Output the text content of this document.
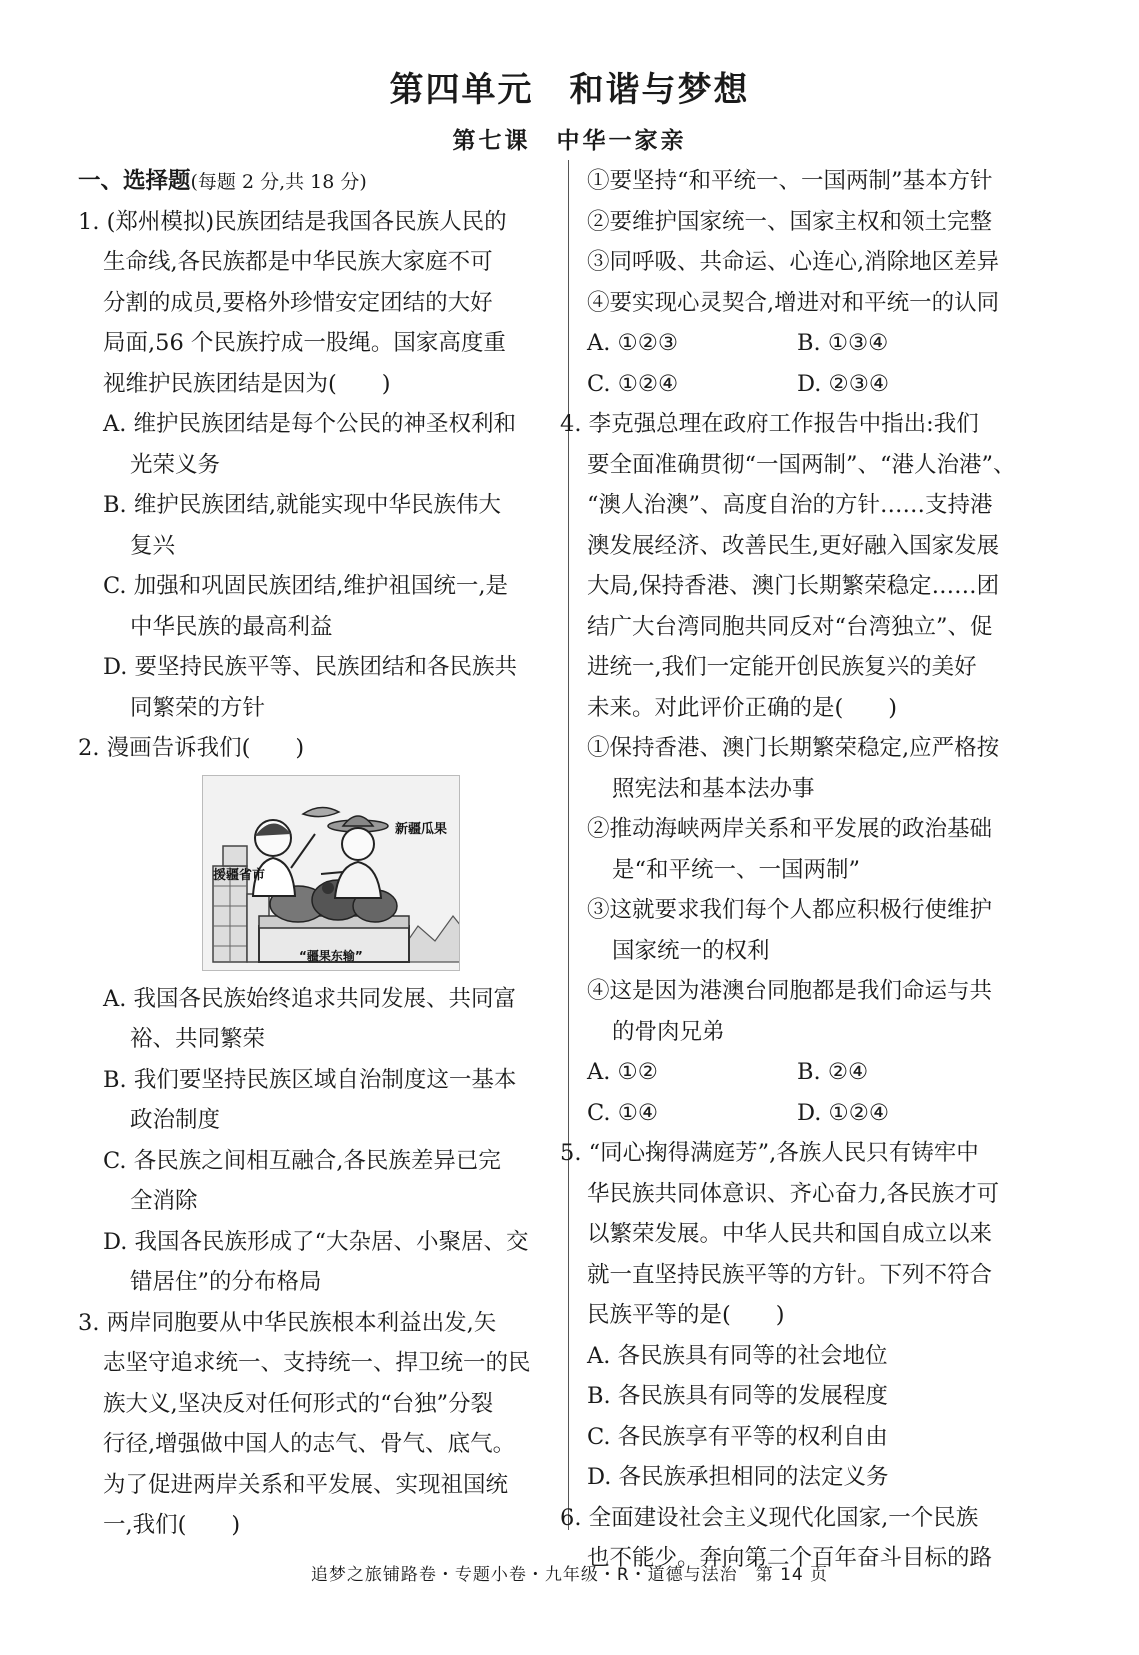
第四单元　和谐与梦想
第七课　中华一家亲
一、选择题(每题 2 分,共 18 分)
1. (郑州模拟)民族团结是我国各民族人民的
生命线,各民族都是中华民族大家庭不可
分割的成员,要格外珍惜安定团结的大好
局面,56 个民族拧成一股绳。国家高度重
视维护民族团结是因为(　　)
A. 维护民族团结是每个公民的神圣权利和
光荣义务
B. 维护民族团结,就能实现中华民族伟大
复兴
C. 加强和巩固民族团结,维护祖国统一,是
中华民族的最高利益
D. 要坚持民族平等、民族团结和各民族共
同繁荣的方针
2. 漫画告诉我们(　　)
援疆省市
新疆瓜果
“疆果东输”
A. 我国各民族始终追求共同发展、共同富
裕、共同繁荣
B. 我们要坚持民族区域自治制度这一基本
政治制度
C. 各民族之间相互融合,各民族差异已完
全消除
D. 我国各民族形成了“大杂居、小聚居、交
错居住”的分布格局
3. 两岸同胞要从中华民族根本利益出发,矢
志坚守追求统一、支持统一、捍卫统一的民
族大义,坚决反对任何形式的“台独”分裂
行径,增强做中国人的志气、骨气、底气。
为了促进两岸关系和平发展、实现祖国统
一,我们(　　)
①要坚持“和平统一、一国两制”基本方针
②要维护国家统一、国家主权和领土完整
③同呼吸、共命运、心连心,消除地区差异
④要实现心灵契合,增进对和平统一的认同
A. ①②③	B. ①③④
C. ①②④	D. ②③④
4. 李克强总理在政府工作报告中指出:我们
要全面准确贯彻“一国两制”、“港人治港”、
“澳人治澳”、高度自治的方针……支持港
澳发展经济、改善民生,更好融入国家发展
大局,保持香港、澳门长期繁荣稳定……团
结广大台湾同胞共同反对“台湾独立”、促
进统一,我们一定能开创民族复兴的美好
未来。对此评价正确的是(　　)
①保持香港、澳门长期繁荣稳定,应严格按
照宪法和基本法办事
②推动海峡两岸关系和平发展的政治基础
是“和平统一、一国两制”
③这就要求我们每个人都应积极行使维护
国家统一的权利
④这是因为港澳台同胞都是我们命运与共
的骨肉兄弟
A. ①②	B. ②④
C. ①④	D. ①②④
5. “同心掬得满庭芳”,各族人民只有铸牢中
华民族共同体意识、齐心奋力,各民族才可
以繁荣发展。中华人民共和国自成立以来
就一直坚持民族平等的方针。下列不符合
民族平等的是(　　)
A. 各民族具有同等的社会地位
B. 各民族具有同等的发展程度
C. 各民族享有平等的权利自由
D. 各民族承担相同的法定义务
6. 全面建设社会主义现代化国家,一个民族
也不能少。奔向第二个百年奋斗目标的路
追梦之旅铺路卷・专题小卷・九年级・R・道德与法治　第 14 页
